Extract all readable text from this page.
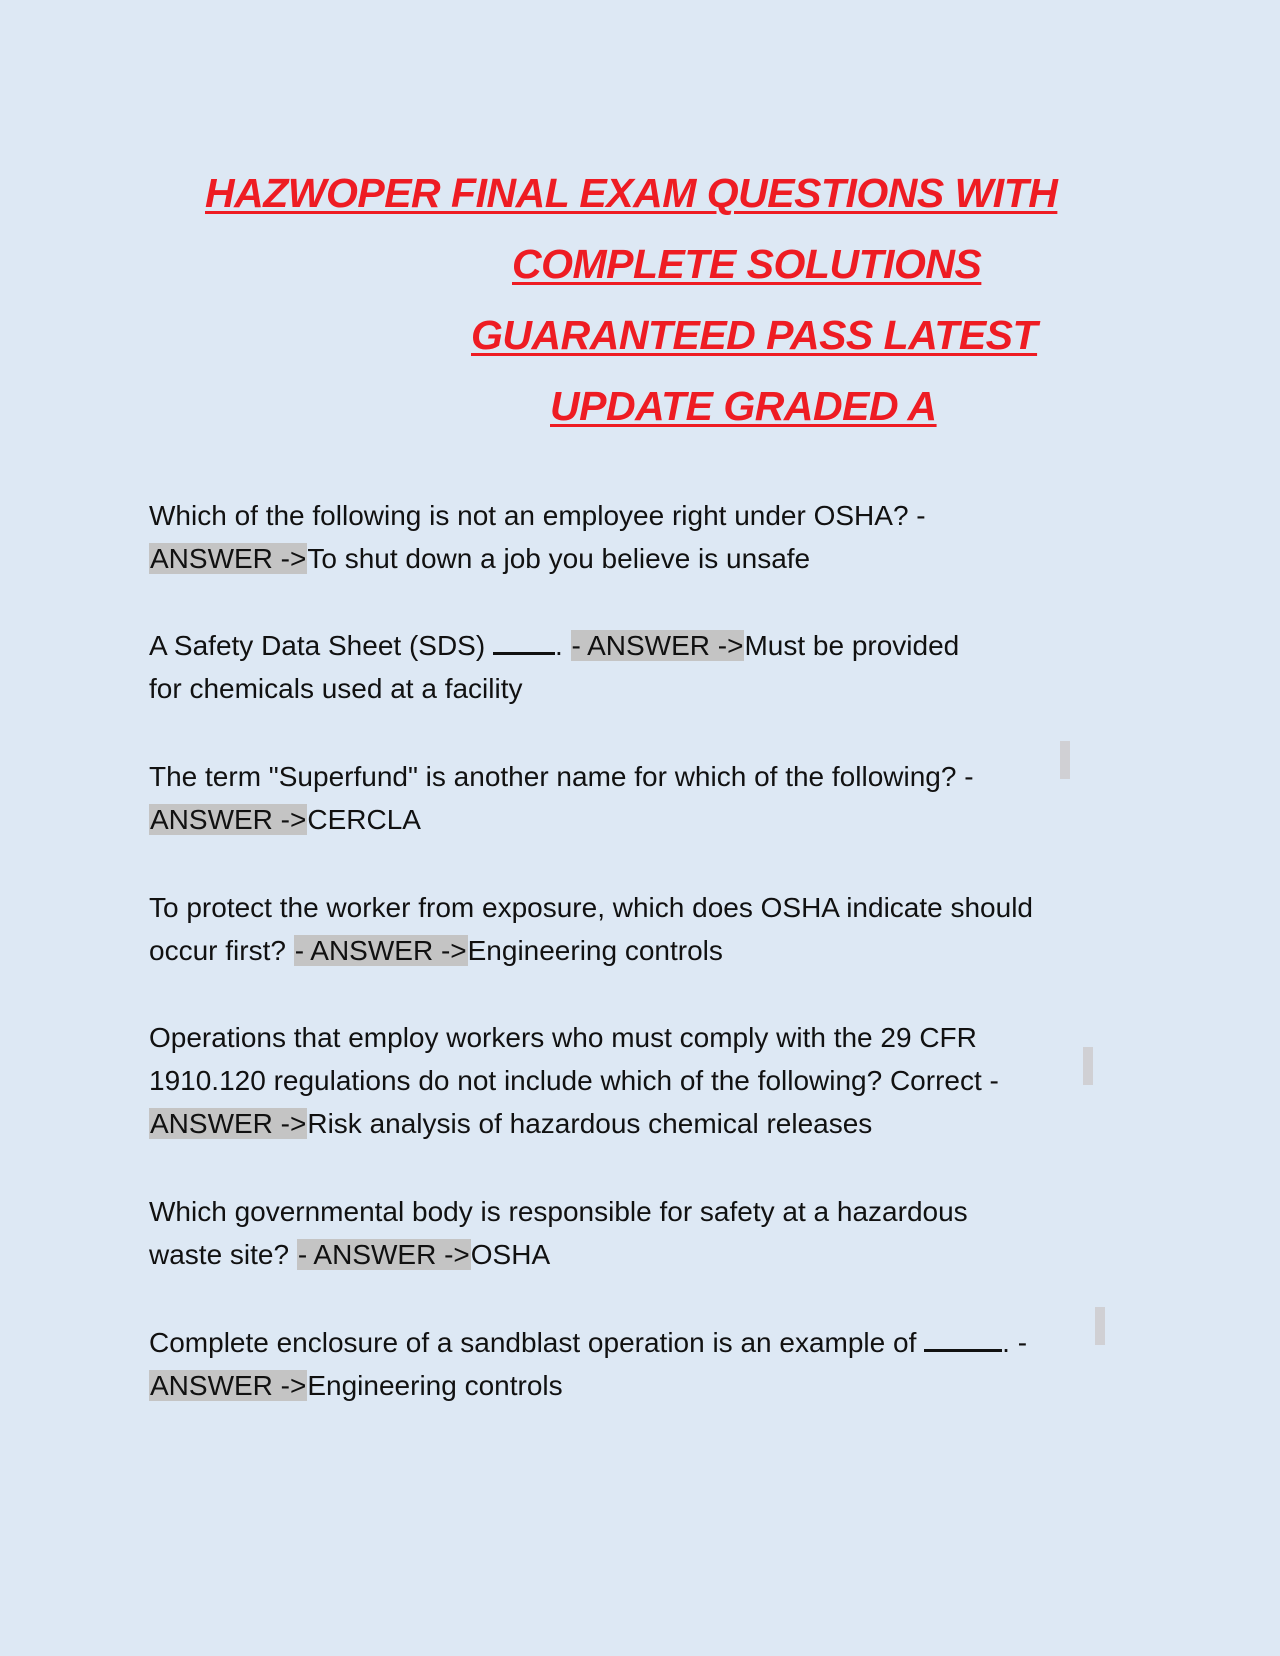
HAZWOPER FINAL EXAM QUESTIONS WITH
COMPLETE SOLUTIONS
GUARANTEED PASS LATEST
UPDATE GRADED A
Which of the following is not an employee right under OSHA? -
ANSWER ->To shut down a job you believe is unsafe
A Safety Data Sheet (SDS) . - ANSWER ->Must be provided
for chemicals used at a facility
The term "Superfund" is another name for which of the following? -
ANSWER ->CERCLA
To protect the worker from exposure, which does OSHA indicate should
occur first? - ANSWER ->Engineering controls
Operations that employ workers who must comply with the 29 CFR
1910.120 regulations do not include which of the following? Correct -
ANSWER ->Risk analysis of hazardous chemical releases
Which governmental body is responsible for safety at a hazardous
waste site? - ANSWER ->OSHA
Complete enclosure of a sandblast operation is an example of	. -
ANSWER ->Engineering controls
